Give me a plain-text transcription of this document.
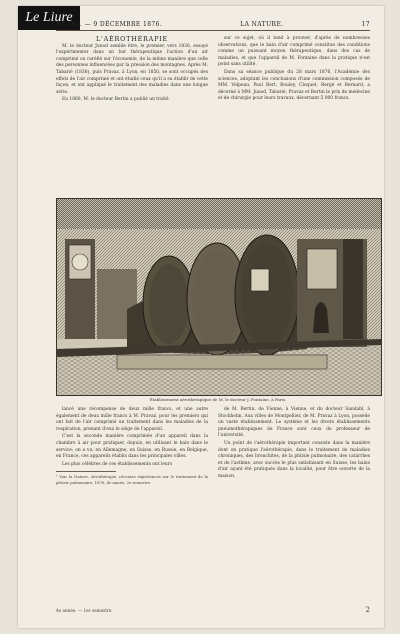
Le Liure
N° 163. — 9 DÉCEMBRE 1876.	LA NATURE.	17

L'AÉROTHÉRAPIE

M. le docteur Junod semble être, le premier, vers 1836, essayé l'expérimenter dans un but thérapeutique l'action d'un air comprimé ou raréfié sur l'économie, de la même manière que celle des personnes influencées par la pression des montagnes. Après M. Tabarié (1838), puis Pravaz, à Lyon, en 1850, se sont occupés des effets de l'air comprimé et ont étudié ceux qu'il a su établir de cette façon, et ont appliqué le traitement des maladies dans une longue série.

En 1860, M. le docteur Bertin a publié un traité

sur ce sujet, où il tend à prouver, d'après de nombreuses observations, que le bain d'air comprimé constitue des conditions comme un puissant moyen thérapeutique, dans des cas de maladies, et que l'appareil de M. Fontaine dans la pratique n'est point sans utilité.

Dans sa séance publique du 28 mars 1876, l'Académie des sciences, adoptant les conclusions d'une commission composée de MM. Velpeau, Paul Bert, Bouley, Cloquet, Bergé et Bernard, a décerné à MM. Junod, Tabarié, Pravaz et Bertin le prix de médecine et de chirurgie pour leurs travaux, décernant 5 000 francs.

Établissement aérothérapique de M. le docteur J. Fontaine, à Paris.

lancé une récompense de deux mille francs, et une autre également de deux mille francs à M. Pravaz, pour les premiers qui ont fait de l'air comprimé un traitement dans les maladies de la respiration, prenant d'eux le siège de l'appareil.

C'est la seconde manière comprimée d'un appareil dans la chambre à air pour pratiquer, depuis, en utilisant le bain dans le service; on a vu, en Allemagne, en Suisse, en Russie, en Belgique, en France, ces appareils établis dans les principales villes.

Les plus célèbres de ces établissements ont leurs

¹ Voir la Nature, Aérothérapie, récentes expériences sur le traitement de la phtisie pulmonaire, 1876, 4e année, 2e semestre.

de M. Bertin, de Vienne, à Vienne, et du docteur Sandahl, à Stockholm. Aux villes de Montpellier, de M. Pravaz à Lyon, possède un vaste établissement. Le système et les divers établissements pneumothérapiques de France sont ceux du professeur de l'université.

Un point de l'aérothérapie important consiste dans la manière dont on pratique l'aérothérapie, dans le traitement de maladies chroniques, des bronchites, de la phtisie pulmonaire, des catarrhes et de l'asthme, avec succès le plus satisfaisant en Suisse, les bains d'air ayant été pratiqués dans la localité, pour être ouverte de la maison.

4e année. — 1er semestre.	2
